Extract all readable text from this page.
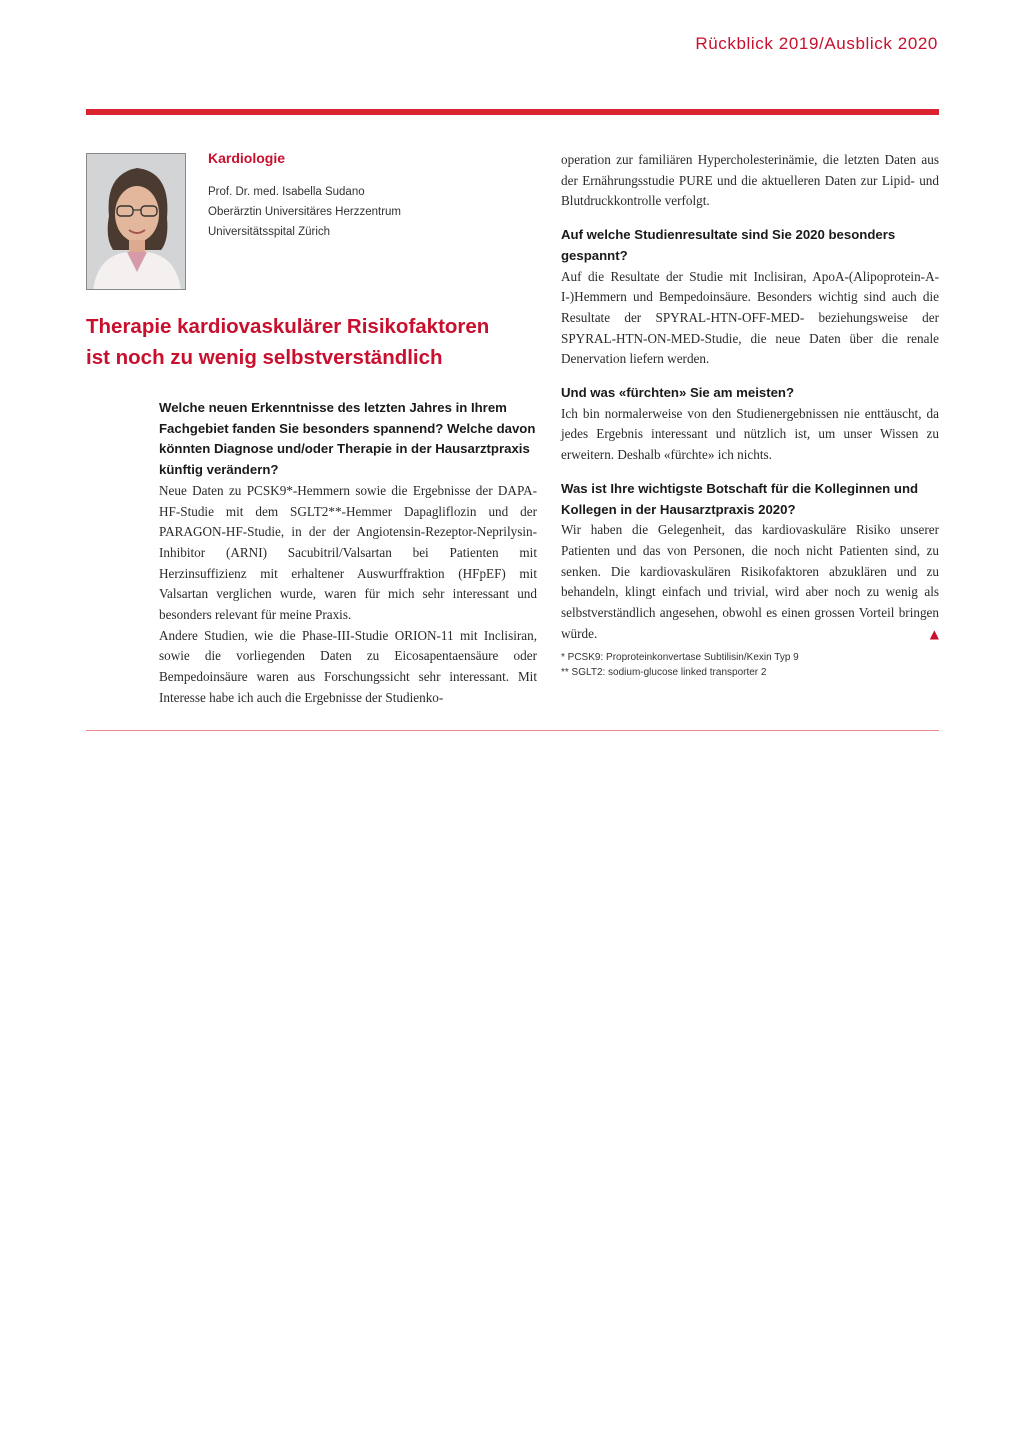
Rückblick 2019/Ausblick 2020
Kardiologie
Prof. Dr. med. Isabella Sudano
Oberärztin Universitäres Herzzentrum
Universitätsspital Zürich
Therapie kardiovaskulärer Risikofaktoren
ist noch zu wenig selbstverständlich
Welche neuen Erkenntnisse des letzten Jahres in Ihrem Fachgebiet fanden Sie besonders spannend? Welche davon könnten Diagnose und/oder Therapie in der Hausarztpraxis künftig verändern?

Neue Daten zu PCSK9*-Hemmern sowie die Ergebnisse der DAPA-HF-Studie mit dem SGLT2**-Hemmer Dapagliflozin und der PARAGON-HF-Studie, in der der Angiotensin-Rezeptor-Neprilysin-Inhibitor (ARNI) Sacubitril/Valsartan bei Patienten mit Herzinsuffizienz mit erhaltener Auswurffraktion (HFpEF) mit Valsartan verglichen wurde, waren für mich sehr interessant und besonders relevant für meine Praxis.

Andere Studien, wie die Phase-III-Studie ORION-11 mit Inclisiran, sowie die vorliegenden Daten zu Eicosapentaensäure oder Bempedoinsäure waren aus Forschungssicht sehr interessant. Mit Interesse habe ich auch die Ergebnisse der Studienko-

operation zur familiären Hypercholesterinämie, die letzten Daten aus der Ernährungsstudie PURE und die aktuelleren Daten zur Lipid- und Blutdruckkontrolle verfolgt.

Auf welche Studienresultate sind Sie 2020 besonders gespannt?

Auf die Resultate der Studie mit Inclisiran, ApoA-(Alipoprotein-A-I-)Hemmern und Bempedoinsäure. Besonders wichtig sind auch die Resultate der SPYRAL-HTN-OFF-MED- beziehungsweise der SPYRAL-HTN-ON-MED-Studie, die neue Daten über die renale Denervation liefern werden.

Und was «fürchten» Sie am meisten?

Ich bin normalerweise von den Studienergebnissen nie enttäuscht, da jedes Ergebnis interessant und nützlich ist, um unser Wissen zu erweitern. Deshalb «fürchte» ich nichts.

Was ist Ihre wichtigste Botschaft für die Kolleginnen und Kollegen in der Hausarztpraxis 2020?

Wir haben die Gelegenheit, das kardiovaskuläre Risiko unserer Patienten und das von Personen, die noch nicht Patienten sind, zu senken. Die kardiovaskulären Risikofaktoren abzuklären und zu behandeln, klingt einfach und trivial, wird aber noch zu wenig als selbstverständlich angesehen, obwohl es einen grossen Vorteil bringen würde.	▲

* PCSK9: Proproteinkonvertase Subtilisin/Kexin Typ 9
** SGLT2: sodium-glucose linked transporter 2
